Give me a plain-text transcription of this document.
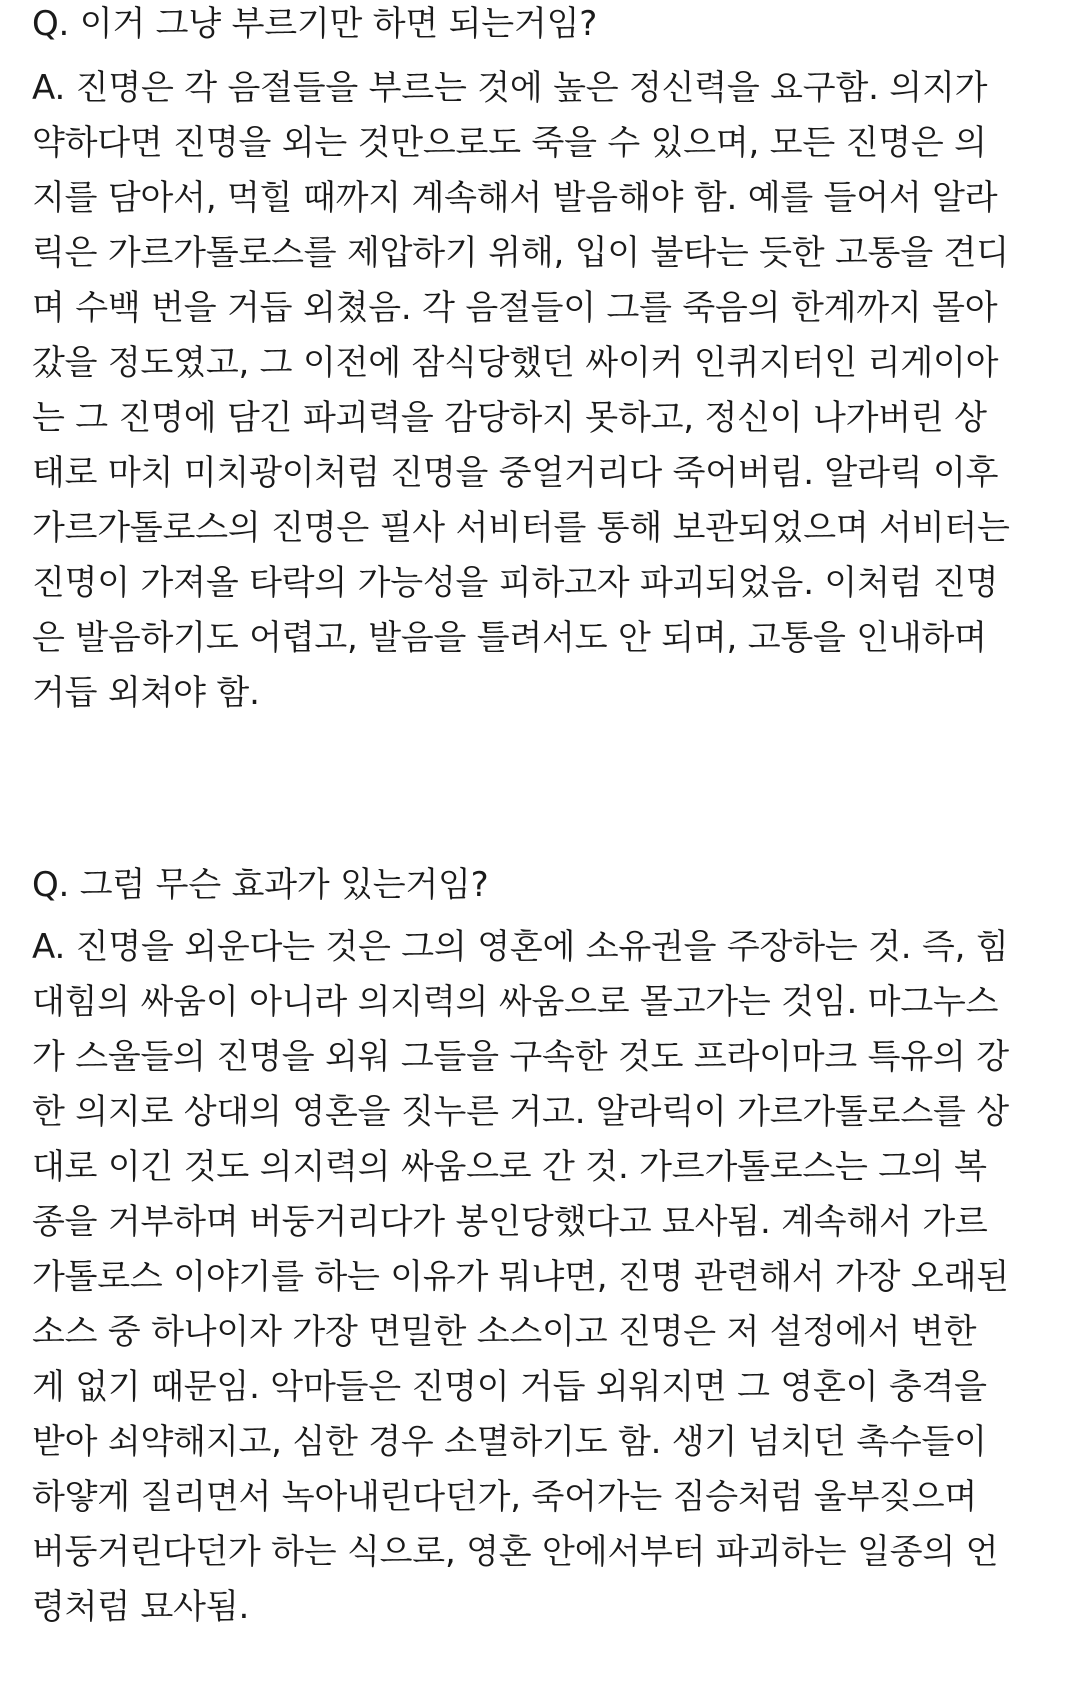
Q. 이거 그냥 부르기만 하면 되는거임?
A. 진명은 각 음절들을 부르는 것에 높은 정신력을 요구함. 의지가
약하다면 진명을 외는 것만으로도 죽을 수 있으며, 모든 진명은 의
지를 담아서, 먹힐 때까지 계속해서 발음해야 함. 예를 들어서 알라
릭은 가르가톨로스를 제압하기 위해, 입이 불타는 듯한 고통을 견디
며 수백 번을 거듭 외쳤음. 각 음절들이 그를 죽음의 한계까지 몰아
갔을 정도였고, 그 이전에 잠식당했던 싸이커 인퀴지터인 리게이아
는 그 진명에 담긴 파괴력을 감당하지 못하고, 정신이 나가버린 상
태로 마치 미치광이처럼 진명을 중얼거리다 죽어버림. 알라릭 이후
가르가톨로스의 진명은 필사 서비터를 통해 보관되었으며 서비터는
진명이 가져올 타락의 가능성을 피하고자 파괴되었음. 이처럼 진명
은 발음하기도 어렵고, 발음을 틀려서도 안 되며, 고통을 인내하며
거듭 외쳐야 함.
Q. 그럼 무슨 효과가 있는거임?
A. 진명을 외운다는 것은 그의 영혼에 소유권을 주장하는 것. 즉, 힘
대힘의 싸움이 아니라 의지력의 싸움으로 몰고가는 것임. 마그누스
가 스울들의 진명을 외워 그들을 구속한 것도 프라이마크 특유의 강
한 의지로 상대의 영혼을 짓누른 거고. 알라릭이 가르가톨로스를 상
대로 이긴 것도 의지력의 싸움으로 간 것. 가르가톨로스는 그의 복
종을 거부하며 버둥거리다가 봉인당했다고 묘사됨. 계속해서 가르
가톨로스 이야기를 하는 이유가 뭐냐면, 진명 관련해서 가장 오래된
소스 중 하나이자 가장 면밀한 소스이고 진명은 저 설정에서 변한
게 없기 때문임. 악마들은 진명이 거듭 외워지면 그 영혼이 충격을
받아 쇠약해지고, 심한 경우 소멸하기도 함. 생기 넘치던 촉수들이
하얗게 질리면서 녹아내린다던가, 죽어가는 짐승처럼 울부짖으며
버둥거린다던가 하는 식으로, 영혼 안에서부터 파괴하는 일종의 언
령처럼 묘사됨.
